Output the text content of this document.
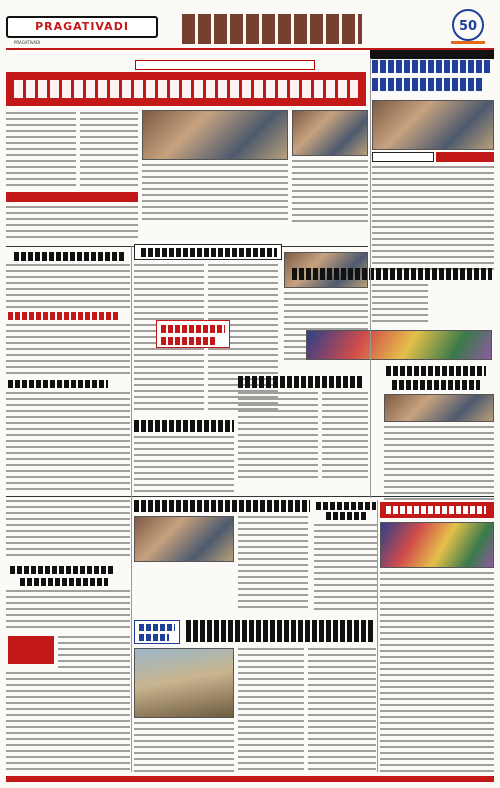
PRAGATIVADI
PRAGATIVADI
50
